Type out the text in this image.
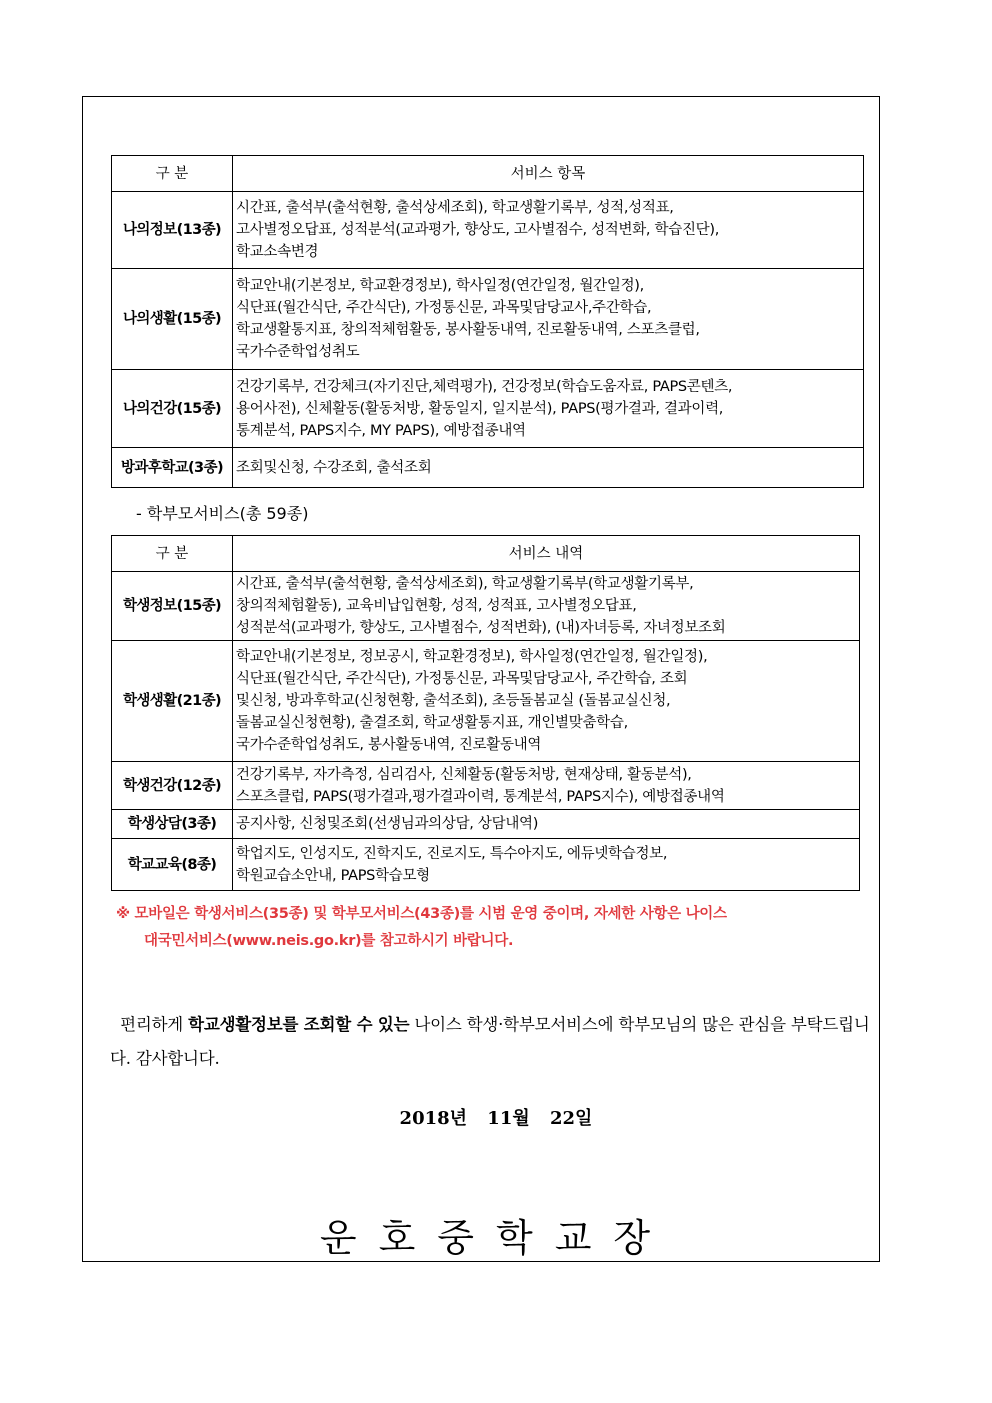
구 분	서비스 항목
나의정보(13종)	시간표, 출석부(출석현황, 출석상세조회), 학교생활기록부, 성적,성적표,
고사별정오답표, 성적분석(교과평가, 향상도, 고사별점수, 성적변화, 학습진단),
학교소속변경

나의생활(15종)	학교안내(기본정보, 학교환경정보), 학사일정(연간일정, 월간일정),
식단표(월간식단, 주간식단), 가정통신문, 과목및담당교사,주간학습,
학교생활통지표, 창의적체험활동, 봉사활동내역, 진로활동내역, 스포츠클럽,
국가수준학업성취도

나의건강(15종)	건강기록부, 건강체크(자기진단,체력평가), 건강정보(학습도움자료, PAPS콘텐츠,
용어사전), 신체활동(활동처방, 활동일지, 일지분석), PAPS(평가결과, 결과이력,
통계분석, PAPS지수, MY PAPS), 예방접종내역

방과후학교(3종)	조회및신청, 수강조회, 출석조회
- 학부모서비스(총 59종)
구 분	서비스 내역
학생정보(15종)	시간표, 출석부(출석현황, 출석상세조회), 학교생활기록부(학교생활기록부,
창의적체험활동), 교육비납입현황, 성적, 성적표, 고사별정오답표,
성적분석(교과평가, 향상도, 고사별점수, 성적변화), (내)자녀등록, 자녀정보조회

학생생활(21종)	학교안내(기본정보, 정보공시, 학교환경정보), 학사일정(연간일정, 월간일정),
식단표(월간식단, 주간식단), 가정통신문, 과목및담당교사, 주간학습, 조회
및신청, 방과후학교(신청현황, 출석조회), 초등돌봄교실 (돌봄교실신청,
돌봄교실신청현황), 출결조회, 학교생활통지표, 개인별맞춤학습,
국가수준학업성취도, 봉사활동내역, 진로활동내역

학생건강(12종)	건강기록부, 자가측정, 심리검사, 신체활동(활동처방, 현재상태, 활동분석),
스포츠클럽, PAPS(평가결과,평가결과이력, 통계분석, PAPS지수), 예방접종내역

학생상담(3종)	공지사항, 신청및조회(선생님과의상담, 상담내역)

학교교육(8종)	학업지도, 인성지도, 진학지도, 진로지도, 특수아지도, 에듀넷학습정보,
학원교습소안내, PAPS학습모형
※ 모바일은 학생서비스(35종) 및 학부모서비스(43종)를 시범 운영 중이며, 자세한 사항은 나이스
대국민서비스(www.neis.go.kr)를 참고하시기 바랍니다.
편리하게 학교생활정보를 조회할 수 있는 나이스 학생·학부모서비스에 학부모님의 많은 관심을 부탁드립니다. 감사합니다.
2018년 11월 22일
운호중학교장
